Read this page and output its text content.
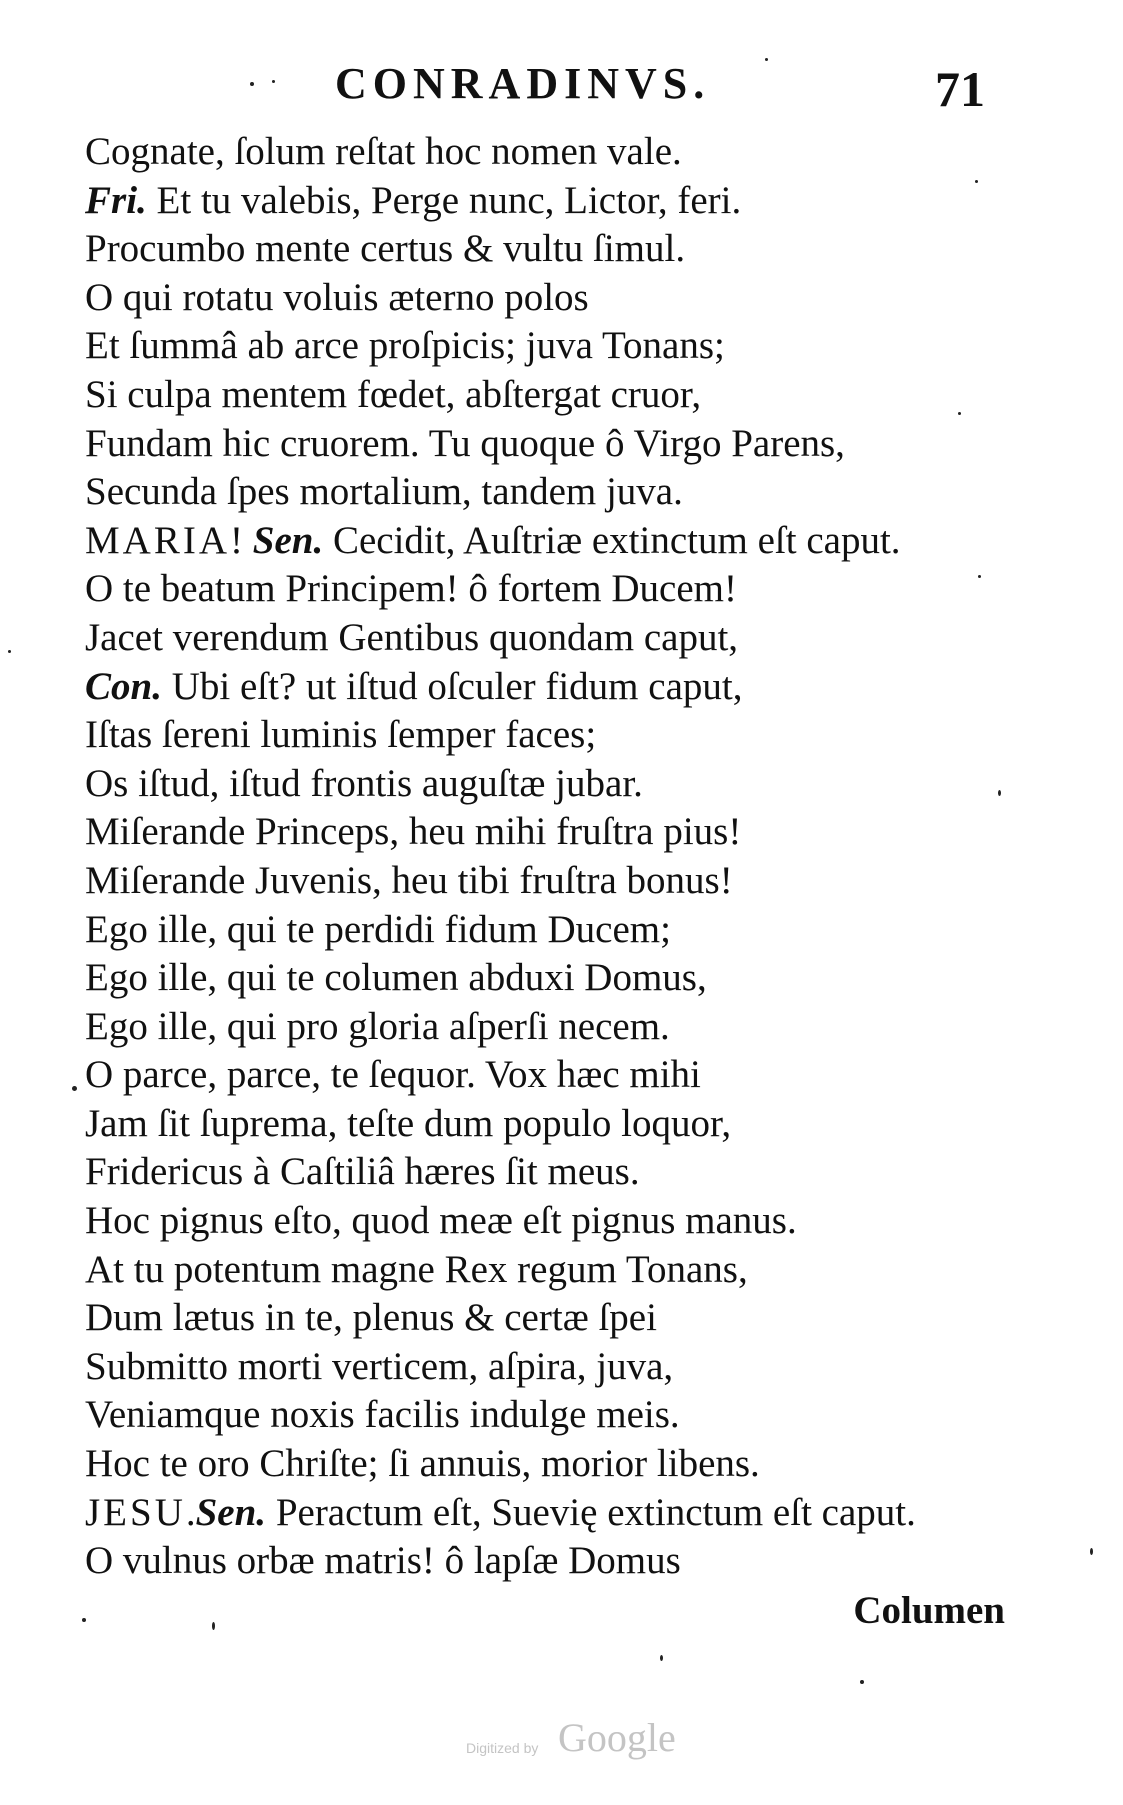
CONRADINVS.	71
Cognate, ſolum reſtat hoc nomen vale.
Fri. Et tu valebis, Perge nunc, Lictor, feri.
Procumbo mente certus & vultu ſimul.
O qui rotatu voluis æterno polos
Et ſummâ ab arce proſpicis; juva Tonans;
Si culpa mentem fœdet, abſtergat cruor,
Fundam hic cruorem. Tu quoque ô Virgo Parens,
Secunda ſpes mortalium, tandem juva.
MARIA! Sen. Cecidit, Auſtriæ extinctum eſt caput.
O te beatum Principem! ô fortem Ducem!
Jacet verendum Gentibus quondam caput,
Con. Ubi eſt? ut iſtud oſculer fidum caput,
Iſtas ſereni luminis ſemper faces;
Os iſtud, iſtud frontis auguſtæ jubar.
Miſerande Princeps, heu mihi fruſtra pius!
Miſerande Juvenis, heu tibi fruſtra bonus!
Ego ille, qui te perdidi fidum Ducem;
Ego ille, qui te columen abduxi Domus,
Ego ille, qui pro gloria aſperſi necem.
O parce, parce, te ſequor. Vox hæc mihi
Jam ſit ſuprema, teſte dum populo loquor,
Fridericus à Caſtiliâ hæres ſit meus.
Hoc pignus eſto, quod meæ eſt pignus manus.
At tu potentum magne Rex regum Tonans,
Dum lætus in te, plenus & certæ ſpei
Submitto morti verticem, aſpira, juva,
Veniamque noxis facilis indulge meis.
Hoc te oro Chriſte; ſi annuis, morior libens.
JESU.Sen. Peractum eſt, Suevię extinctum eſt caput.
O vulnus orbæ matris! ô lapſæ Domus
Columen
Digitized by Google
